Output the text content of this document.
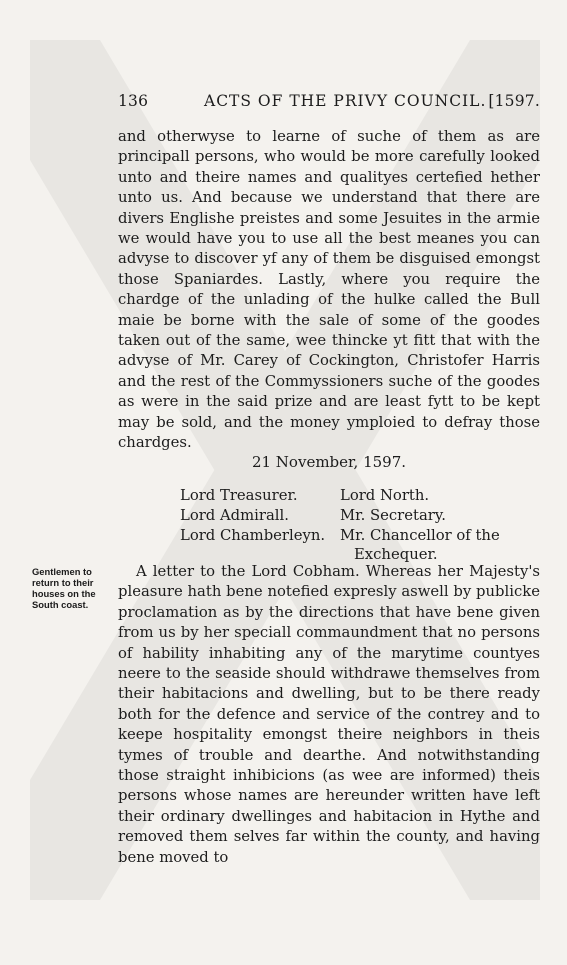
136	ACTS OF THE PRIVY COUNCIL. [1597.

and otherwyse to learne of suche of them as are principall persons, who would be more carefully looked unto and theire names and qualityes certefied hether unto us. And because we understand that there are divers Englishe preistes and some Jesuites in the armie we would have you to use all the best meanes you can advyse to discover yf any of them be disguised emongst those Spaniardes. Lastly, where you require the chardge of the unlading of the hulke called the Bull maie be borne with the sale of some of the goodes taken out of the same, wee thincke yt fitt that with the advyse of Mr. Carey of Cockington, Christofer Harris and the rest of the Commyssioners suche of the goodes as were in the said prize and are least fytt to be kept may be sold, and the money ymploied to defray those chardges.

21 November, 1597.
Lord Treasurer.
Lord Admirall.
Lord Chamberleyn.
Lord North.
Mr. Secretary.
Mr. Chancellor of the
Exchequer.
Gentlemen to return to their houses on the South coast.

A letter to the Lord Cobham. Whereas her Majesty's pleasure hath bene notefied expresly aswell by publicke proclamation as by the directions that have bene given from us by her speciall commaundment that no persons of hability inhabiting any of the marytime countyes neere to the seaside should withdrawe themselves from their habitacions and dwelling, but to be there ready both for the defence and service of the contrey and to keepe hospitality emongst theire neighbors in theis tymes of trouble and dearthe. And notwithstanding those straight inhibicions (as wee are informed) theis persons whose names are hereunder written have left their ordinary dwellinges and habitacion in Hythe and removed them selves far within the county, and having bene moved to
